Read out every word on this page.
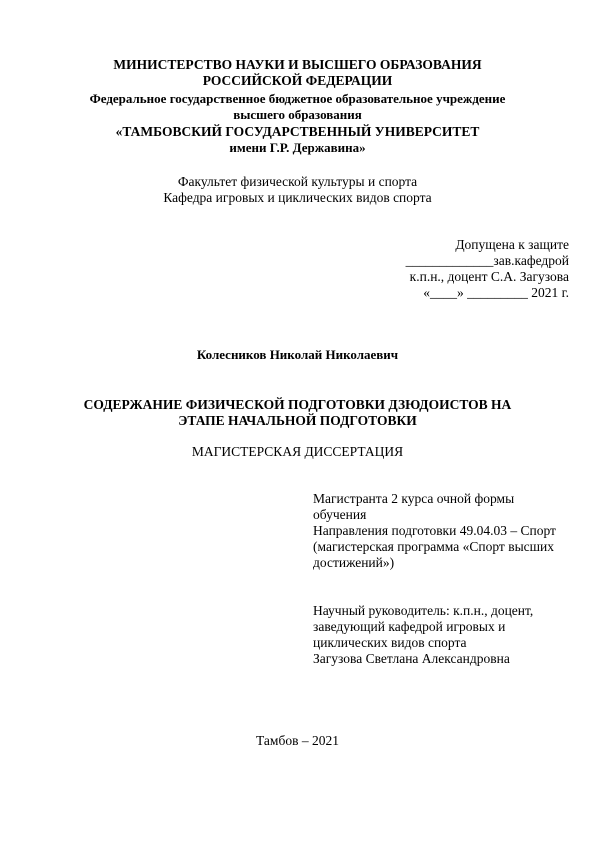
МИНИСТЕРСТВО НАУКИ И ВЫСШЕГО ОБРАЗОВАНИЯ
РОССИЙСКОЙ ФЕДЕРАЦИИ
Федеральное государственное бюджетное образовательное учреждение
высшего образования
«ТАМБОВСКИЙ ГОСУДАРСТВЕННЫЙ УНИВЕРСИТЕТ
имени Г.Р. Державина»
Факультет физической культуры и спорта
Кафедра игровых и циклических видов спорта
Допущена к защите
_____________зав.кафедрой
к.п.н., доцент С.А. Загузова
«____» _________ 2021 г.
Колесников Николай Николаевич
СОДЕРЖАНИЕ ФИЗИЧЕСКОЙ ПОДГОТОВКИ ДЗЮДОИСТОВ НА
ЭТАПЕ НАЧАЛЬНОЙ ПОДГОТОВКИ
МАГИСТЕРСКАЯ ДИССЕРТАЦИЯ
Магистранта 2 курса очной формы
обучения
Направления подготовки 49.04.03 – Спорт
(магистерская программа «Спорт высших
достижений»)
Научный руководитель: к.п.н., доцент,
заведующий кафедрой игровых и
циклических видов спорта
Загузова Светлана Александровна
Тамбов – 2021
